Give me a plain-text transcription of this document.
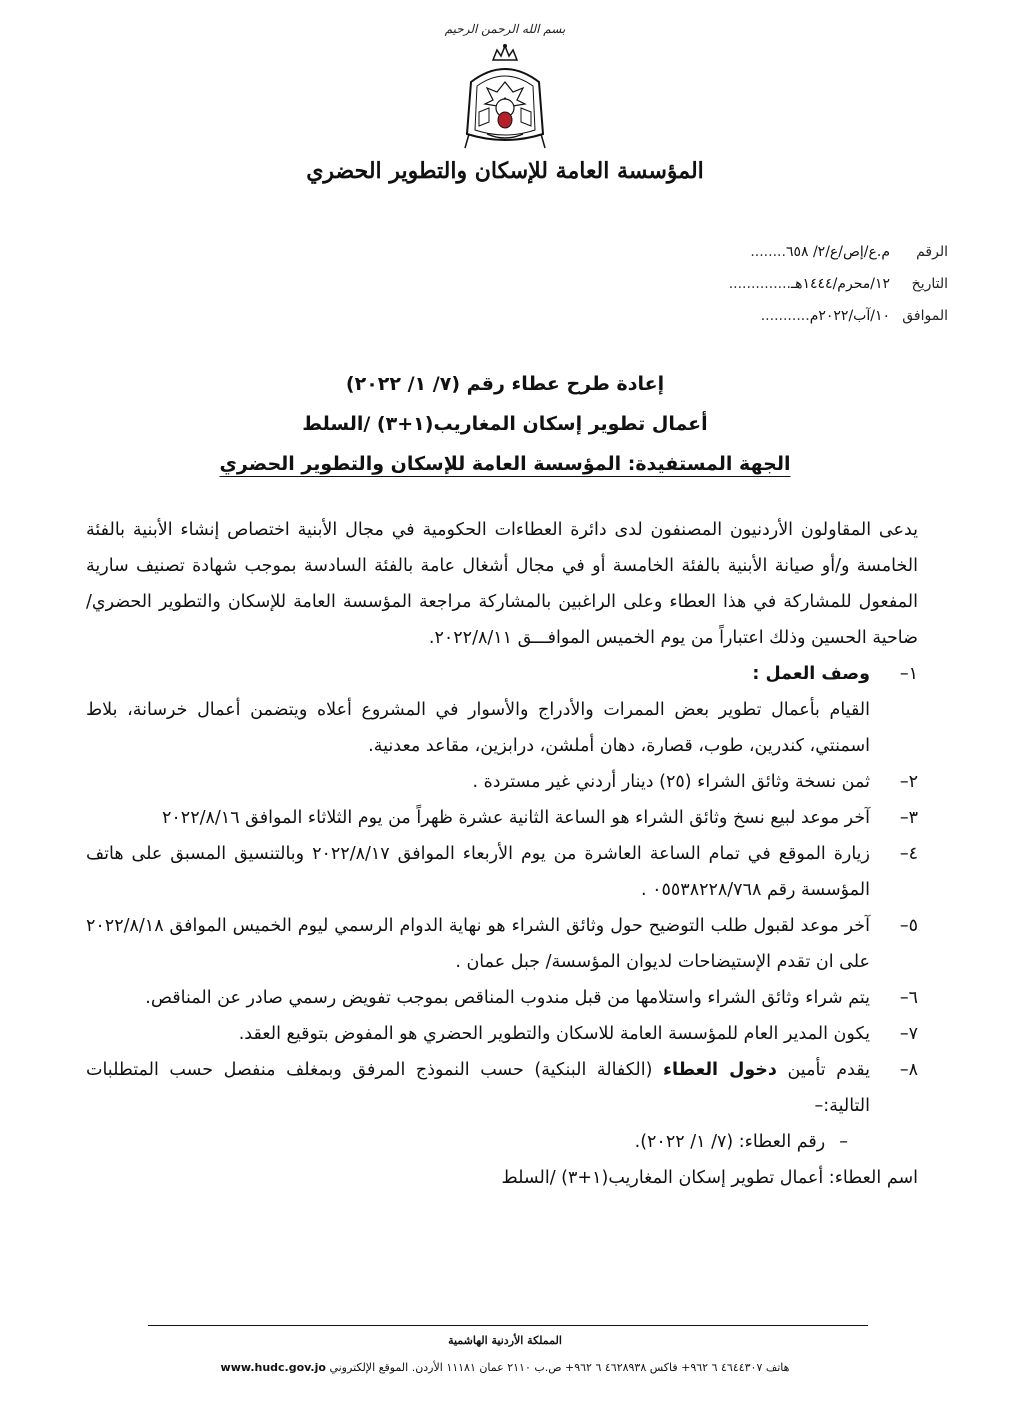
بسم الله الرحمن الرحيم
المؤسسة العامة للإسكان والتطوير الحضري
الرقمم.ع/إص/ع/٢/ ٦٥٨........
التاريخ١٢/محرم/١٤٤٤هـ..............
الموافق١٠/آب/٢٠٢٢م...........
إعادة طرح عطاء رقم (٧/ ١/ ٢٠٢٢)
أعمال تطوير إسكان المغاريب(١+٣) /السلط
الجهة المستفيدة: المؤسسة العامة للإسكان والتطوير الحضري
يدعى المقاولون الأردنيون المصنفون لدى دائرة العطاءات الحكومية في مجال الأبنية اختصاص إنشاء الأبنية بالفئة الخامسة و/أو صيانة الأبنية بالفئة الخامسة أو في مجال أشغال عامة بالفئة السادسة بموجب شهادة تصنيف سارية المفعول للمشاركة في هذا العطاء وعلى الراغبين بالمشاركة مراجعة المؤسسة العامة للإسكان والتطوير الحضري/ضاحية الحسين وذلك اعتباراً من يوم الخميس الموافـــق ٢٠٢٢/٨/١١.
١–
وصف العمل :
القيام بأعمال تطوير بعض الممرات والأدراج والأسوار في المشروع أعلاه ويتضمن أعمال خرسانة، بلاط اسمنتي، كندرين، طوب، قصارة، دهان أملشن، درابزين، مقاعد معدنية.
٢–
ثمن نسخة وثائق الشراء (٢٥) دينار أردني غير مستردة .
٣–
آخر موعد لبيع نسخ وثائق الشراء هو الساعة الثانية عشرة ظهراً من يوم الثلاثاء الموافق ٢٠٢٢/٨/١٦
٤–
زيارة الموقع في تمام الساعة العاشرة من يوم الأربعاء الموافق ٢٠٢٢/٨/١٧ وبالتنسيق المسبق على هاتف المؤسسة رقم ٠٥٥٣٨٢٢٨/٧٦٨ .
٥–
آخر موعد لقبول طلب التوضيح حول وثائق الشراء هو نهاية الدوام الرسمي ليوم الخميس الموافق ٢٠٢٢/٨/١٨ على ان تقدم الإستيضاحات لديوان المؤسسة/ جبل عمان .
٦–
يتم شراء وثائق الشراء واستلامها من قبل مندوب المناقص بموجب تفويض رسمي صادر عن المناقص.
٧–
يكون المدير العام للمؤسسة العامة للاسكان والتطوير الحضري هو المفوض بتوقيع العقد.
٨–
يقدم تأمين دخول العطاء (الكفالة البنكية) حسب النموذج المرفق وبمغلف منفصل حسب المتطلبات التالية:–
–رقم العطاء: (٧/ ١/ ٢٠٢٢).
اسم العطاء: أعمال تطوير إسكان المغاريب(١+٣) /السلط
المملكة الأردنية الهاشمية
هاتف ٤٦٤٤٣٠٧ ٦ ٩٦٢+ فاكس ٤٦٢٨٩٣٨ ٦ ٩٦٢+ ص.ب ٢١١٠ عمان ١١١٨١ الأردن. الموقع الإلكتروني www.hudc.gov.jo
